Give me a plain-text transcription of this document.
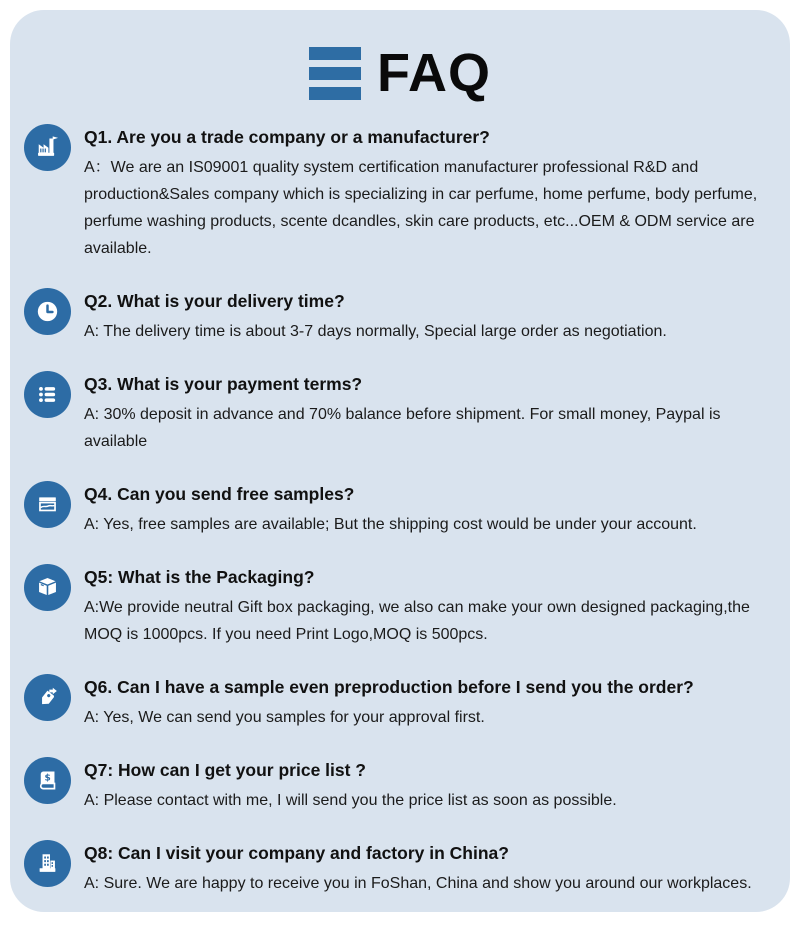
FAQ
Q1. Are you a trade company or a manufacturer?
A：We are an IS09001 quality system certification manufacturer professional R&D and production&Sales company which is specializing in car perfume, home perfume, body perfume, perfume washing products, scente dcandles, skin care products, etc...OEM & ODM service are available.
Q2. What is your delivery time?
A: The delivery time is about 3-7 days normally, Special large order as negotiation.
Q3. What is your payment terms?
A: 30% deposit in advance and 70% balance before shipment. For small money, Paypal is available
Q4. Can you send free samples?
A: Yes, free samples are available; But the shipping cost would be under your account.
Q5: What is the Packaging?
A:We provide neutral Gift box packaging, we also can make your own designed packaging,the MOQ is 1000pcs. If you need Print Logo,MOQ is 500pcs.
Q6. Can I have a sample even preproduction before I send you the order?
A: Yes, We can send you samples for your approval first.
$ Q7: How can I get your price list ?
A: Please contact with me, I will send you the price list as soon as possible.
Q8: Can I visit your company and factory in China?
A: Sure. We are happy to receive you in FoShan, China and show you around our workplaces.
